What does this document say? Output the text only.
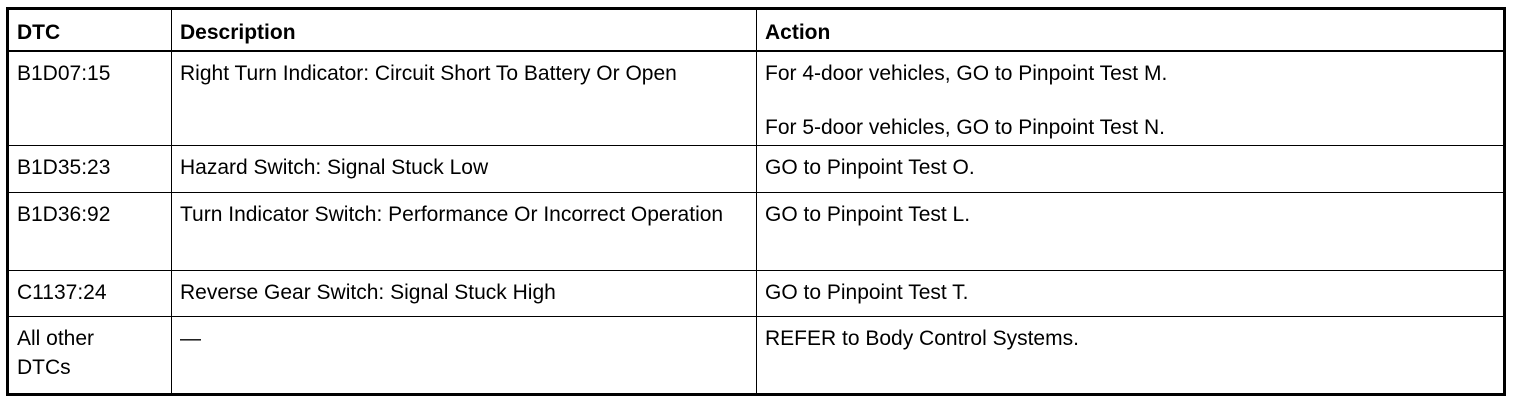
DTC	Description	Action
B1D07:15	Right Turn Indicator: Circuit Short To Battery Or Open	For 4-door vehicles, GO to Pinpoint Test M.
For 5-door vehicles, GO to Pinpoint Test N.

B1D35:23	Hazard Switch: Signal Stuck Low	GO to Pinpoint Test O.

B1D36:92	Turn Indicator Switch: Performance Or Incorrect Operation	GO to Pinpoint Test L.

C1137:24	Reverse Gear Switch: Signal Stuck High	GO to Pinpoint Test T.

All other DTCs	—	REFER to Body Control Systems.
